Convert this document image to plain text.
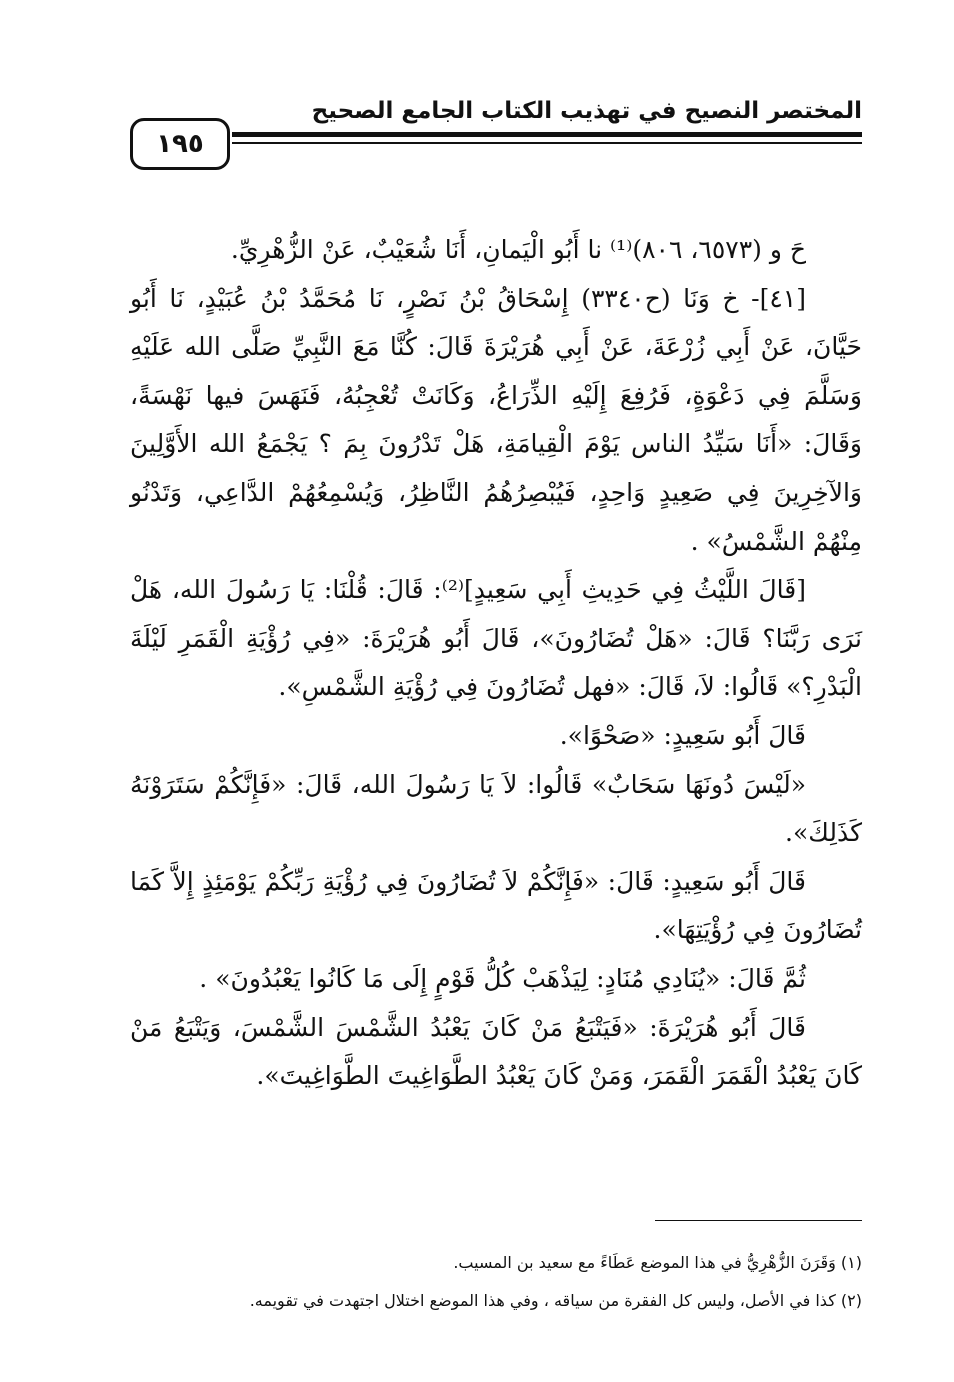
المختصر النصيح في تهذيب الكتاب الجامع الصحيح
١٩٥

حَ و (٦٥٧٣، ٨٠٦)⁽¹⁾ نا أَبُو الْيَمانِ، أَنَا شُعَيْبٌ، عَنْ الزُّهْرِيِّ.

[٤١]- خ وَنَا (ح٣٣٤٠) إِسْحَاقُ بْنُ نَصْرٍ، نَا مُحَمَّدُ بْنُ عُبَيْدٍ، نَا أَبُو حَيَّانَ، عَنْ أَبِي زُرْعَةَ، عَنْ أَبِي هُرَيْرَةَ قَالَ: كُنَّا مَعَ النَّبِيِّ صَلَّى الله عَلَيْهِ وَسَلَّمَ فِي دَعْوَةٍ، فَرُفِعَ إِلَيْهِ الذِّرَاعُ، وَكَانَتْ تُعْجِبُهُ، فَنَهَسَ فيها نَهْسَةً، وَقَالَ: «أَنَا سَيِّدُ الناس يَوْمَ الْقِيامَةِ، هَلْ تَدْرُونَ بِمَ ؟ يَجْمَعُ الله الأَوَّلِينَ وَالآخِرِينَ فِي صَعِيدٍ وَاحِدٍ، فَيُبْصِرُهُمُ النَّاظِرُ، وَيُسْمِعُهُمْ الدَّاعِي، وَتَدْنُو مِنْهُمْ الشَّمْسُ» .

[قَالَ اللَّيْثُ فِي حَدِيثِ أَبِي سَعِيدٍ]⁽²⁾: قَالَ: قُلْنَا: يَا رَسُولَ الله، هَلْ نَرَى رَبَّنَا؟ قَالَ: «هَلْ تُضَارُونَ»، قَالَ أَبُو هُرَيْرَةَ: «فِي رُؤْيَةِ الْقَمَرِ لَيْلَةَ الْبَدْرِ؟» قَالُوا: لاَ، قَالَ: «فهل تُضَارُونَ فِي رُؤْيَةِ الشَّمْسِ».

قَالَ أَبُو سَعِيدٍ: «صَحْوًا».

«لَيْسَ دُونَهَا سَحَابٌ» قَالُوا: لاَ يَا رَسُولَ الله، قَالَ: «فَإِنَّكُمْ سَتَرَوْنَهُ كَذَلِكَ».

قَالَ أَبُو سَعِيدٍ: قَالَ: «فَإِنَّكُمْ لاَ تُضَارُونَ فِي رُؤْيَةِ رَبِّكُمْ يَوْمَئِذٍ إِلاَّ كَمَا تُضَارُونَ فِي رُؤْيَتِهَا».

ثُمَّ قَالَ: «يُنَادِي مُنَادٍ: لِيَذْهَبْ كُلُّ قَوْمٍ إِلَى مَا كَانُوا يَعْبُدُونَ» .

قَالَ أَبُو هُرَيْرَةَ: «فَيَتْبَعُ مَنْ كَانَ يَعْبُدُ الشَّمْسَ الشَّمْسَ، وَيَتْبَعُ مَنْ كَانَ يَعْبُدُ الْقَمَرَ الْقَمَرَ، وَمَنْ كَانَ يَعْبُدُ الطَّوَاغِيتَ الطَّوَاغِيتَ».

(١) وَقَرَنَ الزُّهْرِيُّ في هذا الموضع عَطَاءً مع سعيد بن المسيب.

(٢) كذا في الأصل، وليس كل الفقرة من سياقه ، وفي هذا الموضع اختلال اجتهدت في تقويمه.
